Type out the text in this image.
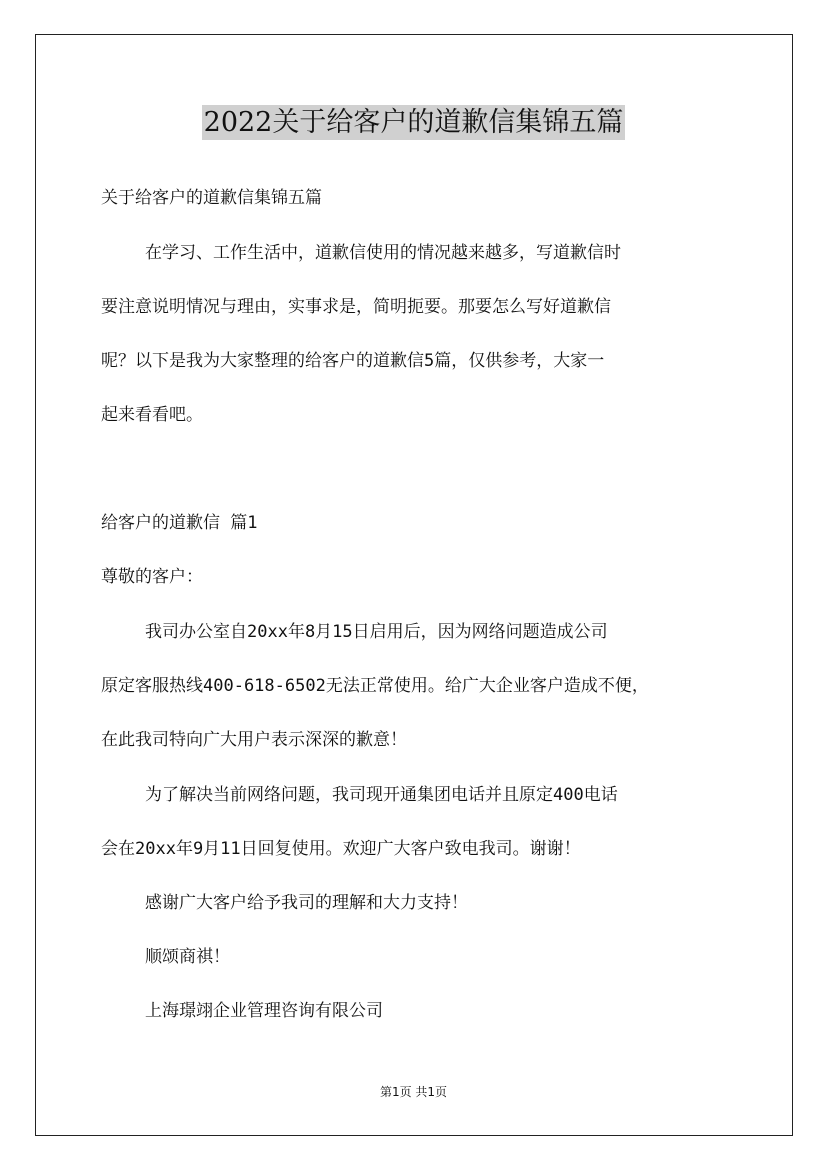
2022关于给客户的道歉信集锦五篇
关于给客户的道歉信集锦五篇
在学习、工作生活中，道歉信使用的情况越来越多，写道歉信时
要注意说明情况与理由，实事求是，简明扼要。那要怎么写好道歉信
呢？以下是我为大家整理的给客户的道歉信5篇，仅供参考，大家一
起来看看吧。
给客户的道歉信 篇1
尊敬的客户：
我司办公室自20xx年8月15日启用后，因为网络问题造成公司
原定客服热线400-618-6502无法正常使用。给广大企业客户造成不便，
在此我司特向广大用户表示深深的歉意！
为了解决当前网络问题，我司现开通集团电话并且原定400电话
会在20xx年9月11日回复使用。欢迎广大客户致电我司。谢谢！
感谢广大客户给予我司的理解和大力支持！
顺颂商祺！
上海璟翊企业管理咨询有限公司
第1页 共1页
